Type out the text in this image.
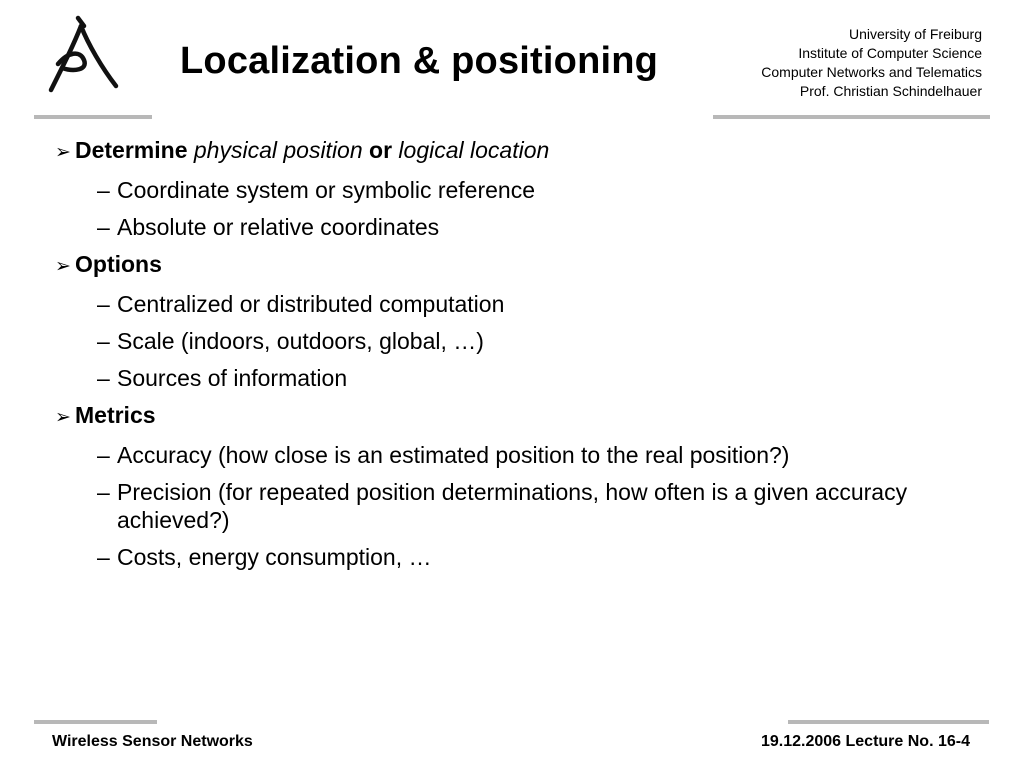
Localization & positioning
University of Freiburg
Institute of Computer Science
Computer Networks and Telematics
Prof. Christian Schindelhauer
➢ Determine physical position or logical location
– Coordinate system or symbolic reference
– Absolute or relative coordinates
➢ Options
– Centralized or distributed computation
– Scale (indoors, outdoors, global, …)
– Sources of information
➢ Metrics
– Accuracy (how close is an estimated position to the real position?)
– Precision (for repeated position determinations, how often is a given accuracy achieved?)
– Costs, energy consumption, …
Wireless Sensor Networks	19.12.2006 Lecture No. 16-4
